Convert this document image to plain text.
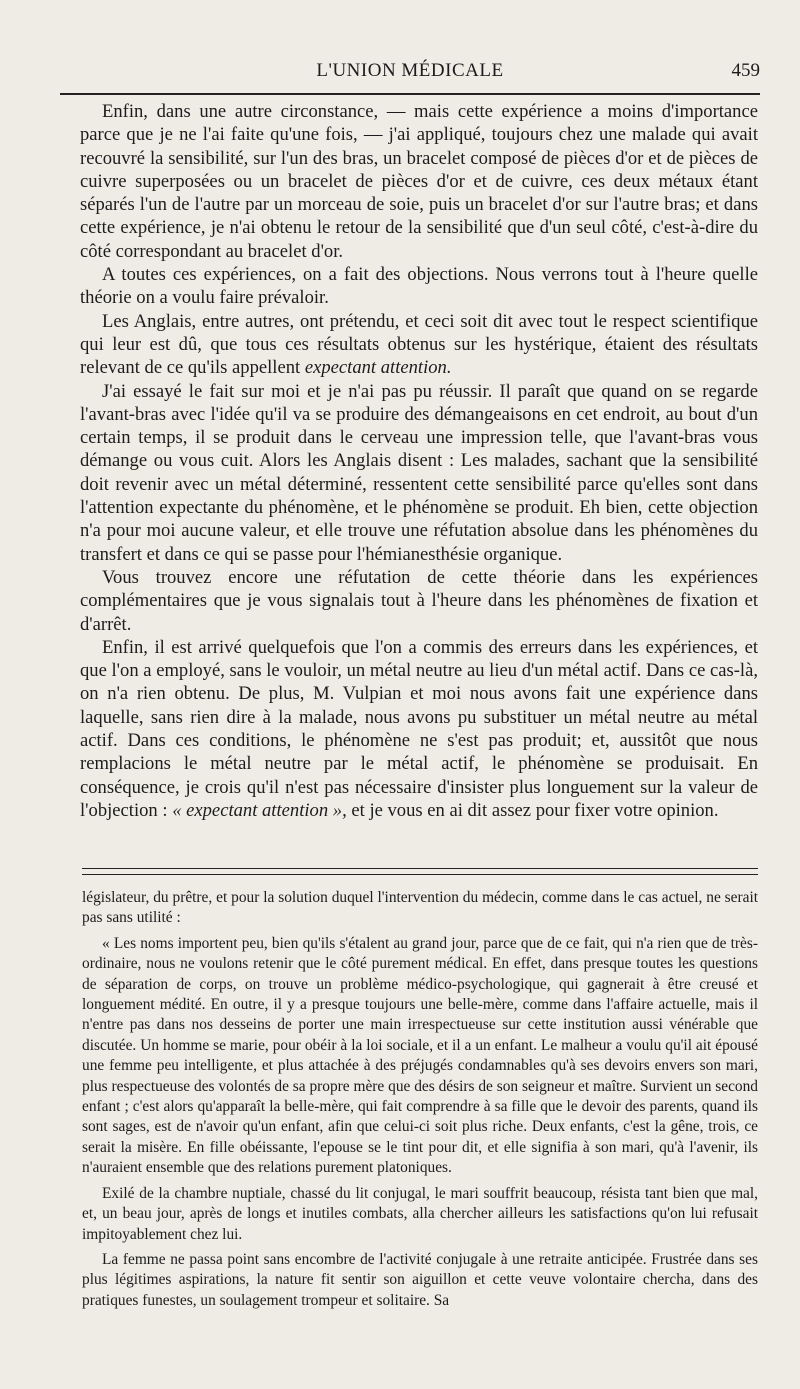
L'UNION MÉDICALE	459

Enfin, dans une autre circonstance, — mais cette expérience a moins d'importance parce que je ne l'ai faite qu'une fois, — j'ai appliqué, toujours chez une malade qui avait recouvré la sensibilité, sur l'un des bras, un bracelet composé de pièces d'or et de pièces de cuivre superposées ou un bracelet de pièces d'or et de cuivre, ces deux métaux étant séparés l'un de l'autre par un morceau de soie, puis un bracelet d'or sur l'autre bras; et dans cette expérience, je n'ai obtenu le retour de la sensibilité que d'un seul côté, c'est-à-dire du côté correspondant au bracelet d'or.

A toutes ces expériences, on a fait des objections. Nous verrons tout à l'heure quelle théorie on a voulu faire prévaloir.

Les Anglais, entre autres, ont prétendu, et ceci soit dit avec tout le respect scientifique qui leur est dû, que tous ces résultats obtenus sur les hystérique, étaient des résultats relevant de ce qu'ils appellent expectant attention.

J'ai essayé le fait sur moi et je n'ai pas pu réussir. Il paraît que quand on se regarde l'avant-bras avec l'idée qu'il va se produire des démangeaisons en cet endroit, au bout d'un certain temps, il se produit dans le cerveau une impression telle, que l'avant-bras vous démange ou vous cuit. Alors les Anglais disent : Les malades, sachant que la sensibilité doit revenir avec un métal déterminé, ressentent cette sensibilité parce qu'elles sont dans l'attention expectante du phénomène, et le phénomène se produit. Eh bien, cette objection n'a pour moi aucune valeur, et elle trouve une réfutation absolue dans les phénomènes du transfert et dans ce qui se passe pour l'hémianesthésie organique.

Vous trouvez encore une réfutation de cette théorie dans les expériences complémentaires que je vous signalais tout à l'heure dans les phénomènes de fixation et d'arrêt.

Enfin, il est arrivé quelquefois que l'on a commis des erreurs dans les expériences, et que l'on a employé, sans le vouloir, un métal neutre au lieu d'un métal actif. Dans ce cas-là, on n'a rien obtenu. De plus, M. Vulpian et moi nous avons fait une expérience dans laquelle, sans rien dire à la malade, nous avons pu substituer un métal neutre au métal actif. Dans ces conditions, le phénomène ne s'est pas produit; et, aussitôt que nous remplacions le métal neutre par le métal actif, le phénomène se produisait. En conséquence, je crois qu'il n'est pas nécessaire d'insister plus longuement sur la valeur de l'objection : « expectant attention », et je vous en ai dit assez pour fixer votre opinion.

législateur, du prêtre, et pour la solution duquel l'intervention du médecin, comme dans le cas actuel, ne serait pas sans utilité :

« Les noms importent peu, bien qu'ils s'étalent au grand jour, parce que de ce fait, qui n'a rien que de très-ordinaire, nous ne voulons retenir que le côté purement médical. En effet, dans presque toutes les questions de séparation de corps, on trouve un problème médico-psychologique, qui gagnerait à être creusé et longuement médité. En outre, il y a presque toujours une belle-mère, comme dans l'affaire actuelle, mais il n'entre pas dans nos desseins de porter une main irrespectueuse sur cette institution aussi vénérable que discutée. Un homme se marie, pour obéir à la loi sociale, et il a un enfant. Le malheur a voulu qu'il ait épousé une femme peu intelligente, et plus attachée à des préjugés condamnables qu'à ses devoirs envers son mari, plus respectueuse des volontés de sa propre mère que des désirs de son seigneur et maître. Survient un second enfant ; c'est alors qu'apparaît la belle-mère, qui fait comprendre à sa fille que le devoir des parents, quand ils sont sages, est de n'avoir qu'un enfant, afin que celui-ci soit plus riche. Deux enfants, c'est la gêne, trois, ce serait la misère. En fille obéissante, l'epouse se le tint pour dit, et elle signifia à son mari, qu'à l'avenir, ils n'auraient ensemble que des relations purement platoniques.

Exilé de la chambre nuptiale, chassé du lit conjugal, le mari souffrit beaucoup, résista tant bien que mal, et, un beau jour, après de longs et inutiles combats, alla chercher ailleurs les satisfactions qu'on lui refusait impitoyablement chez lui.

La femme ne passa point sans encombre de l'activité conjugale à une retraite anticipée. Frustrée dans ses plus légitimes aspirations, la nature fit sentir son aiguillon et cette veuve volontaire chercha, dans des pratiques funestes, un soulagement trompeur et solitaire. Sa
